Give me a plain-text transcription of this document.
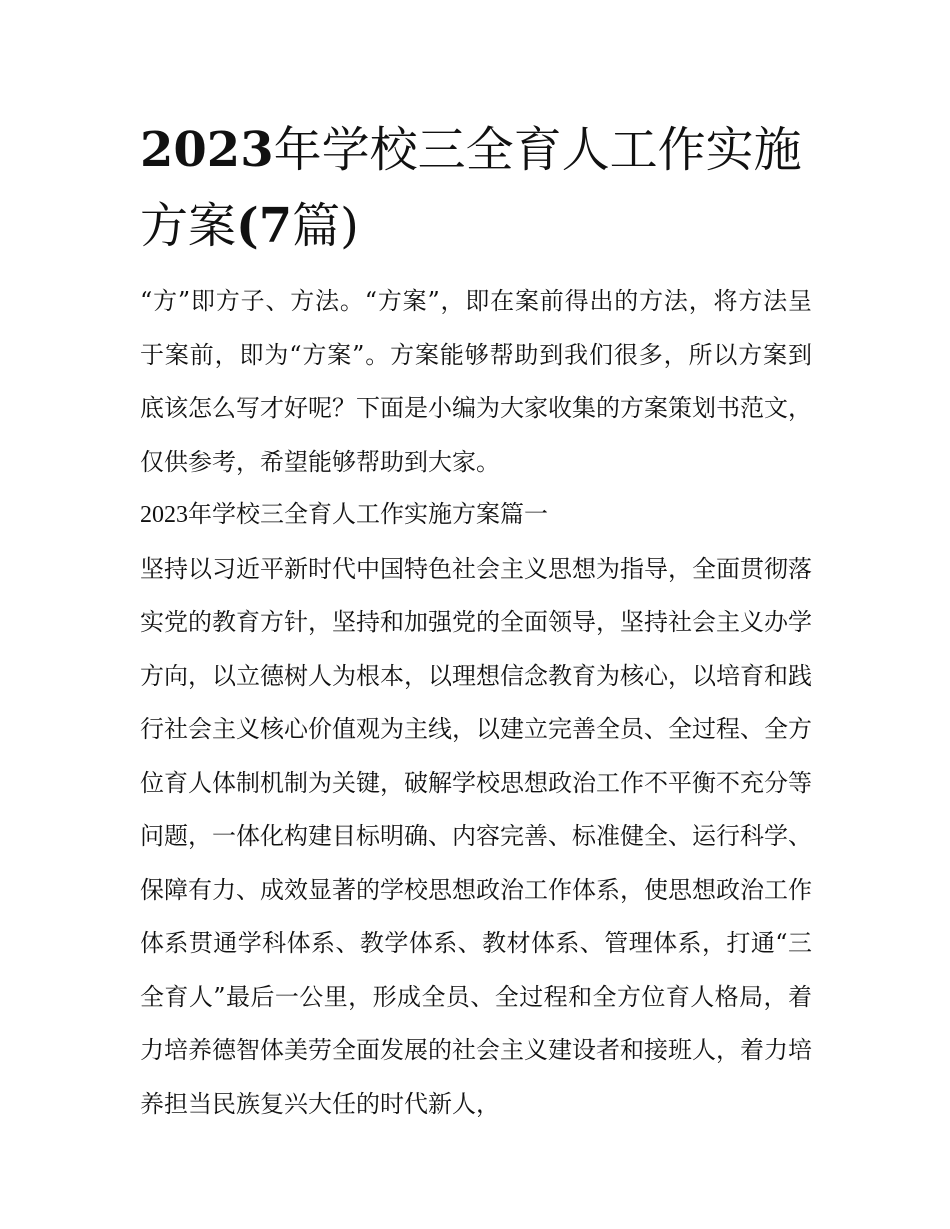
2023年学校三全育人工作实施方案(7篇)

“方”即方子、方法。“方案”，即在案前得出的方法，将方法呈于案前，即为“方案”。方案能够帮助到我们很多，所以方案到底该怎么写才好呢？下面是小编为大家收集的方案策划书范文，仅供参考，希望能够帮助到大家。

2023年学校三全育人工作实施方案篇一

坚持以习近平新时代中国特色社会主义思想为指导，全面贯彻落实党的教育方针，坚持和加强党的全面领导，坚持社会主义办学方向，以立德树人为根本，以理想信念教育为核心，以培育和践行社会主义核心价值观为主线，以建立完善全员、全过程、全方位育人体制机制为关键，破解学校思想政治工作不平衡不充分等问题，一体化构建目标明确、内容完善、标准健全、运行科学、保障有力、成效显著的学校思想政治工作体系，使思想政治工作体系贯通学科体系、教学体系、教材体系、管理体系，打通“三全育人”最后一公里，形成全员、全过程和全方位育人格局，着力培养德智体美劳全面发展的社会主义建设者和接班人，着力培养担当民族复兴大任的时代新人，
